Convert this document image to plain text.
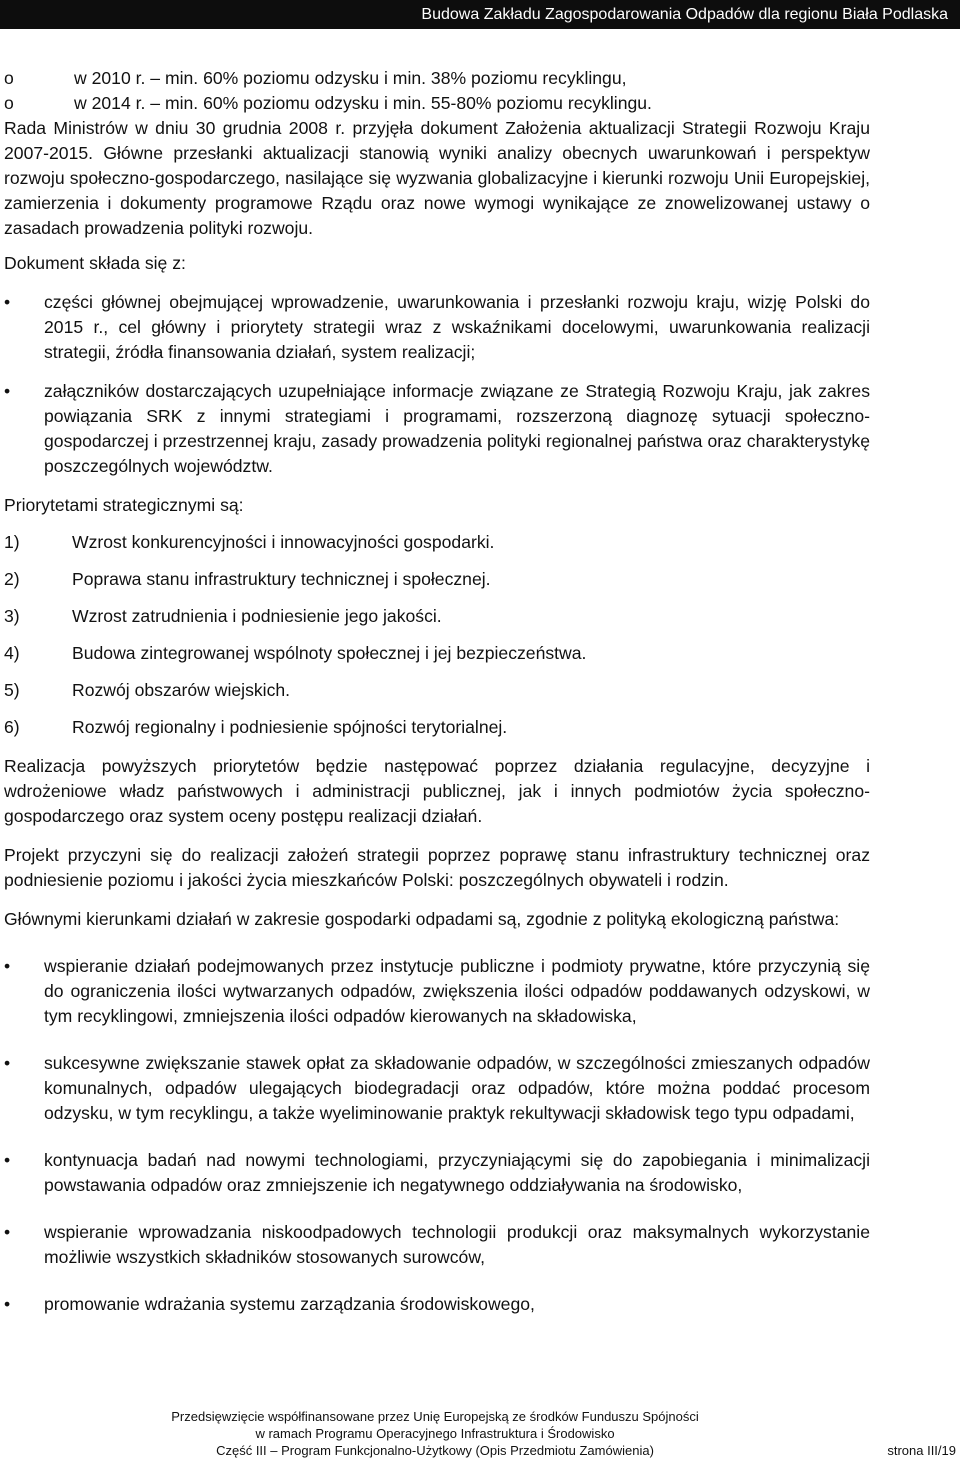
Budowa Zakładu Zagospodarowania Odpadów dla regionu Biała Podlaska
o	w 2010 r. – min. 60% poziomu odzysku i min. 38% poziomu recyklingu,
o	w 2014 r. – min. 60% poziomu odzysku i min. 55-80% poziomu recyklingu.

Rada Ministrów w dniu 30 grudnia 2008 r. przyjęła dokument Założenia aktualizacji Strategii Rozwoju Kraju 2007-2015. Główne przesłanki aktualizacji stanowią wyniki analizy obecnych uwarunkowań i perspektyw rozwoju społeczno-gospodarczego, nasilające się wyzwania globalizacyjne i kierunki rozwoju Unii Europejskiej, zamierzenia i dokumenty programowe Rządu oraz nowe wymogi wynikające ze znowelizowanej ustawy o zasadach prowadzenia polityki rozwoju.

Dokument składa się z:

• części głównej obejmującej wprowadzenie, uwarunkowania i przesłanki rozwoju kraju, wizję Polski do 2015 r., cel główny i priorytety strategii wraz z wskaźnikami docelowymi, uwarunkowania realizacji strategii, źródła finansowania działań, system realizacji;
• załączników dostarczających uzupełniające informacje związane ze Strategią Rozwoju Kraju, jak zakres powiązania SRK z innymi strategiami i programami, rozszerzoną diagnozę sytuacji społeczno-gospodarczej i przestrzennej kraju, zasady prowadzenia polityki regionalnej państwa oraz charakterystykę poszczególnych województw.

Priorytetami strategicznymi są:

1)	Wzrost konkurencyjności i innowacyjności gospodarki.
2)	Poprawa stanu infrastruktury technicznej i społecznej.
3)	Wzrost zatrudnienia i podniesienie jego jakości.
4)	Budowa zintegrowanej wspólnoty społecznej i jej bezpieczeństwa.
5)	Rozwój obszarów wiejskich.
6)	Rozwój regionalny i podniesienie spójności terytorialnej.

Realizacja powyższych priorytetów będzie następować poprzez działania regulacyjne, decyzyjne i wdrożeniowe władz państwowych i administracji publicznej, jak i innych podmiotów życia społeczno-gospodarczego oraz system oceny postępu realizacji działań.

Projekt przyczyni się do realizacji założeń strategii poprzez poprawę stanu infrastruktury technicznej oraz podniesienie poziomu i jakości życia mieszkańców Polski: poszczególnych obywateli i rodzin.

Głównymi kierunkami działań w zakresie gospodarki odpadami są, zgodnie z polityką ekologiczną państwa:

• wspieranie działań podejmowanych przez instytucje publiczne i podmioty prywatne, które przyczynią się do ograniczenia ilości wytwarzanych odpadów, zwiększenia ilości odpadów poddawanych odzyskowi, w tym recyklingowi, zmniejszenia ilości odpadów kierowanych na składowiska,
• sukcesywne zwiększanie stawek opłat za składowanie odpadów, w szczególności zmieszanych odpadów komunalnych, odpadów ulegających biodegradacji oraz odpadów, które można poddać procesom odzysku, w tym recyklingu, a także wyeliminowanie praktyk rekultywacji składowisk tego typu odpadami,
• kontynuacja badań nad nowymi technologiami, przyczyniającymi się do zapobiegania i minimalizacji powstawania odpadów oraz zmniejszenie ich negatywnego oddziaływania na środowisko,
• wspieranie wprowadzania niskoodpadowych technologii produkcji oraz maksymalnych wykorzystanie możliwie wszystkich składników stosowanych surowców,
• promowanie wdrażania systemu zarządzania środowiskowego,
Przedsięwzięcie współfinansowane przez Unię Europejską ze środków Funduszu Spójności
w ramach Programu Operacyjnego Infrastruktura i Środowisko
Część III – Program Funkcjonalno-Użytkowy (Opis Przedmiotu Zamówienia)	strona III/19
